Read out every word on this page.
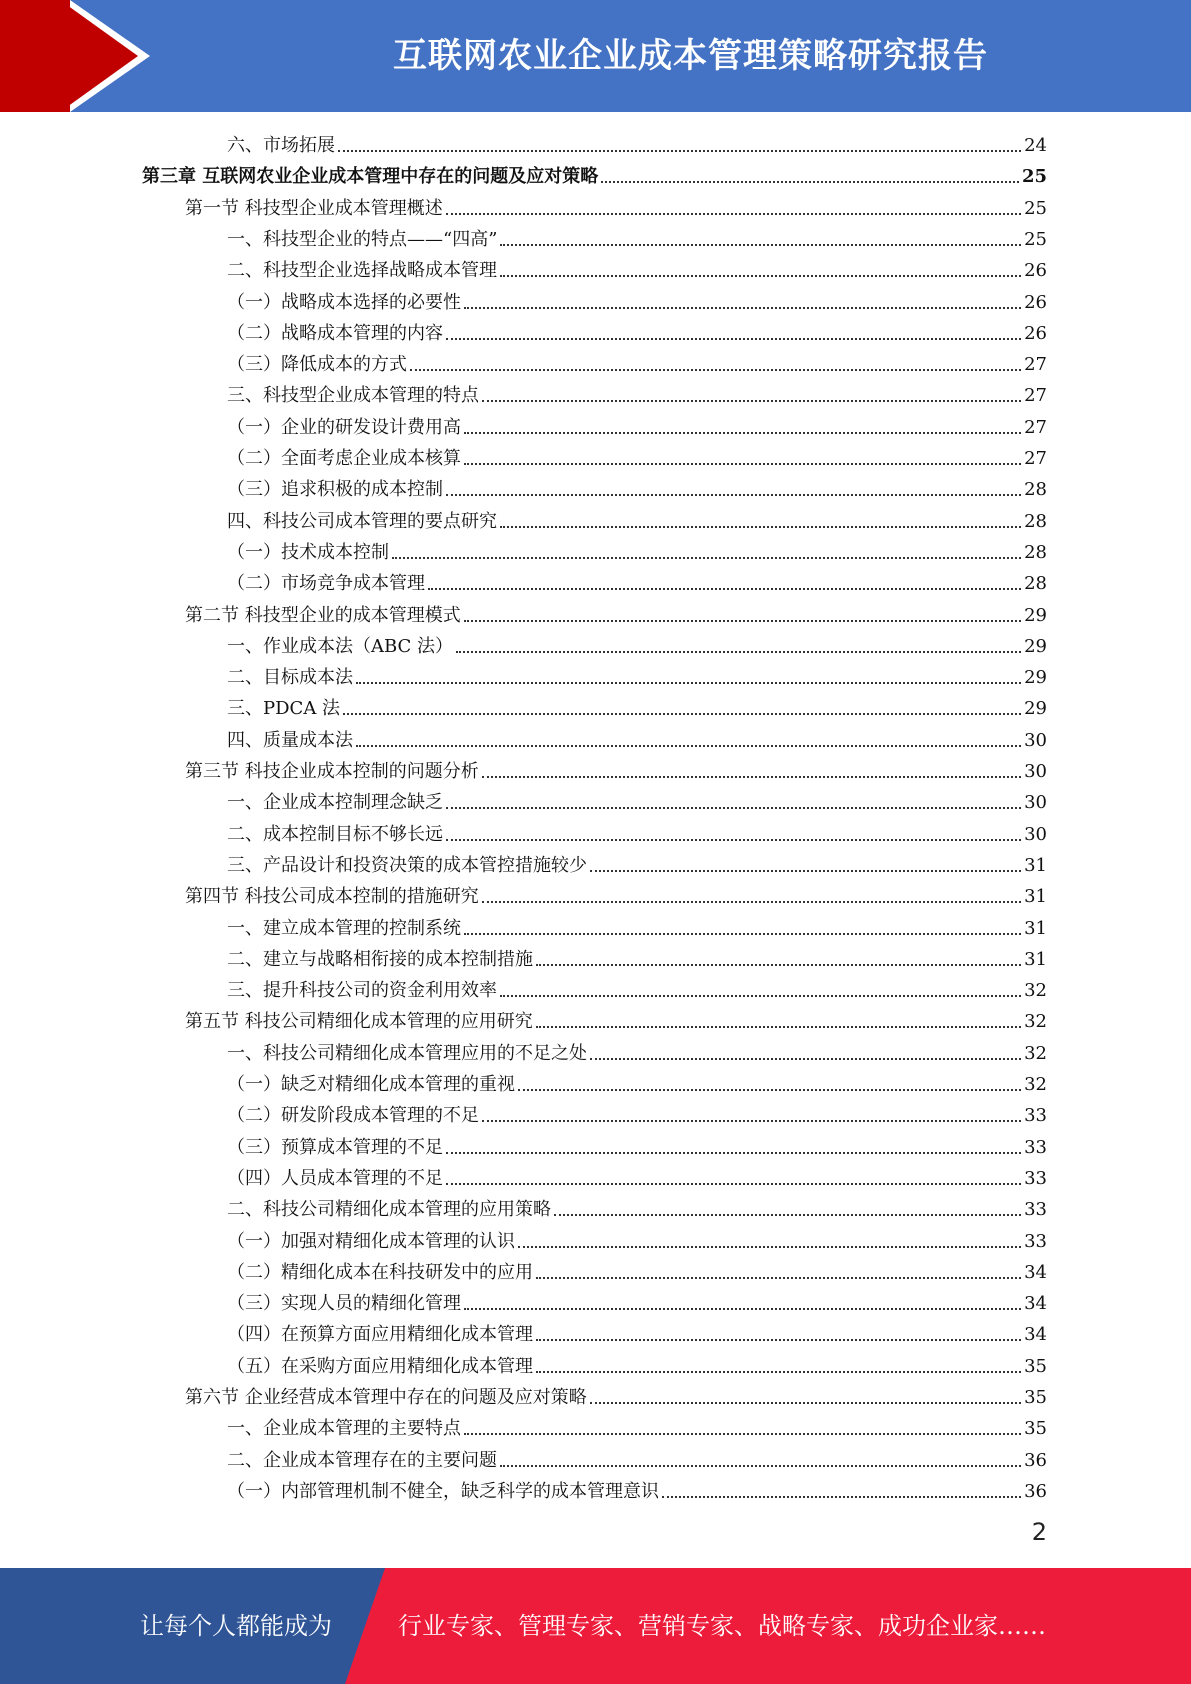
互联网农业企业成本管理策略研究报告
六、市场拓展	24
第三章 互联网农业企业成本管理中存在的问题及应对策略	25
第一节 科技型企业成本管理概述	25
一、科技型企业的特点——“四高”	25
二、科技型企业选择战略成本管理	26
（一）战略成本选择的必要性	26
（二）战略成本管理的内容	26
（三）降低成本的方式	27
三、科技型企业成本管理的特点	27
（一）企业的研发设计费用高	27
（二）全面考虑企业成本核算	27
（三）追求积极的成本控制	28
四、科技公司成本管理的要点研究	28
（一）技术成本控制	28
（二）市场竞争成本管理	28
第二节 科技型企业的成本管理模式	29
一、作业成本法（ABC 法）	29
二、目标成本法	29
三、PDCA 法	29
四、质量成本法	30
第三节 科技企业成本控制的问题分析	30
一、企业成本控制理念缺乏	30
二、成本控制目标不够长远	30
三、产品设计和投资决策的成本管控措施较少	31
第四节 科技公司成本控制的措施研究	31
一、建立成本管理的控制系统	31
二、建立与战略相衔接的成本控制措施	31
三、提升科技公司的资金利用效率	32
第五节 科技公司精细化成本管理的应用研究	32
一、科技公司精细化成本管理应用的不足之处	32
（一）缺乏对精细化成本管理的重视	32
（二）研发阶段成本管理的不足	33
（三）预算成本管理的不足	33
（四）人员成本管理的不足	33
二、科技公司精细化成本管理的应用策略	33
（一）加强对精细化成本管理的认识	33
（二）精细化成本在科技研发中的应用	34
（三）实现人员的精细化管理	34
（四）在预算方面应用精细化成本管理	34
（五）在采购方面应用精细化成本管理	35
第六节 企业经营成本管理中存在的问题及应对策略	35
一、企业成本管理的主要特点	35
二、企业成本管理存在的主要问题	36
（一）内部管理机制不健全，缺乏科学的成本管理意识	36
2
让每个人都能成为	行业专家、管理专家、营销专家、战略专家、成功企业家……
